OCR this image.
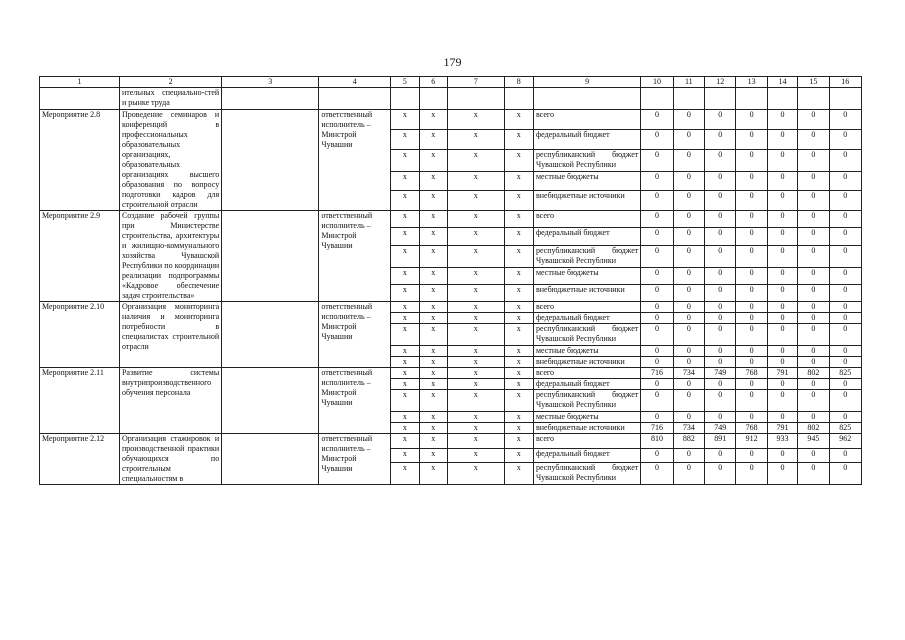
179
1	2	3	4	5	6	7	8	9	10	11	12	13	14	15	16
	ительных специально-стей и рынке труда														
Мероприятие 2.8	Проведение семинаров и конференций в профессиональных образовательных организациях, образовательных организациях высшего образования по вопросу подготовки кадров для строительной отрасли		ответственный исполнитель – Минстрой Чувашии	x	x	x	x	всего	0	0	0	0	0	0	0
				x	x	x	x	федеральный бюджет	0	0	0	0	0	0	0
				x	x	x	x	республиканский бюджет Чувашской Республики	0	0	0	0	0	0	0
				x	x	x	x	местные бюджеты	0	0	0	0	0	0	0
				x	x	x	x	внебюджетные источники	0	0	0	0	0	0	0
Мероприятие 2.9	Создание рабочей группы при Министерстве строительства, архитектуры и жилищно-коммунального хозяйства Чувашской Республики по координации реализации подпрограммы «Кадровое обеспечение задач строительства»		ответственный исполнитель – Минстрой Чувашии	x	x	x	x	всего	0	0	0	0	0	0	0
				x	x	x	x	федеральный бюджет	0	0	0	0	0	0	0
				x	x	x	x	республиканский бюджет Чувашской Республики	0	0	0	0	0	0	0
				x	x	x	x	местные бюджеты	0	0	0	0	0	0	0
				x	x	x	x	внебюджетные источники	0	0	0	0	0	0	0
Мероприятие 2.10	Организация мониторинга наличия и мониторинга потребности в специалистах строительной отрасли		ответственный исполнитель – Минстрой Чувашии	x	x	x	x	всего	0	0	0	0	0	0	0
				x	x	x	x	федеральный бюджет	0	0	0	0	0	0	0
				x	x	x	x	республиканский бюджет Чувашской Республики	0	0	0	0	0	0	0
				x	x	x	x	местные бюджеты	0	0	0	0	0	0	0
				x	x	x	x	внебюджетные источники	0	0	0	0	0	0	0
Мероприятие 2.11	Развитие системы внутрипроизводственного обучения персонала		ответственный исполнитель – Минстрой Чувашии	x	x	x	x	всего	716	734	749	768	791	802	825
				x	x	x	x	федеральный бюджет	0	0	0	0	0	0	0
				x	x	x	x	республиканский бюджет Чувашской Республики	0	0	0	0	0	0	0
				x	x	x	x	местные бюджеты	0	0	0	0	0	0	0
				x	x	x	x	внебюджетные источники	716	734	749	768	791	802	825
Мероприятие 2.12	Организация стажировок и производственной практики обучающихся по строительным специальностям в		ответственный исполнитель – Минстрой Чувашии	x	x	x	x	всего	810	882	891	912	933	945	962
				x	x	x	x	федеральный бюджет	0	0	0	0	0	0	0
				x	x	x	x	республиканский бюджет Чувашской Республики	0	0	0	0	0	0	0
